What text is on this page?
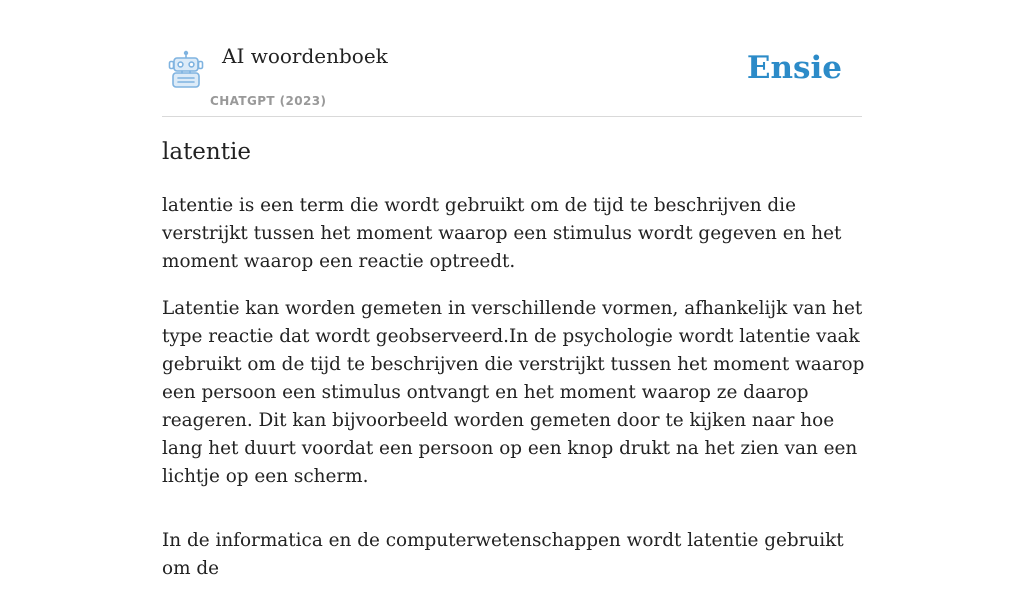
AI woordenboek
CHATGPT (2023)
Ensie
latentie

latentie is een term die wordt gebruikt om de tijd te beschrijven die verstrijkt tussen het moment waarop een stimulus wordt gegeven en het moment waarop een reactie optreedt.

Latentie kan worden gemeten in verschillende vormen, afhankelijk van het type reactie dat wordt geobserveerd.In de psychologie wordt latentie vaak gebruikt om de tijd te beschrijven die verstrijkt tussen het moment waarop een persoon een stimulus ontvangt en het moment waarop ze daarop reageren. Dit kan bijvoorbeeld worden gemeten door te kijken naar hoe lang het duurt voordat een persoon op een knop drukt na het zien van een lichtje op een scherm.

In de informatica en de computerwetenschappen wordt latentie gebruikt om de
